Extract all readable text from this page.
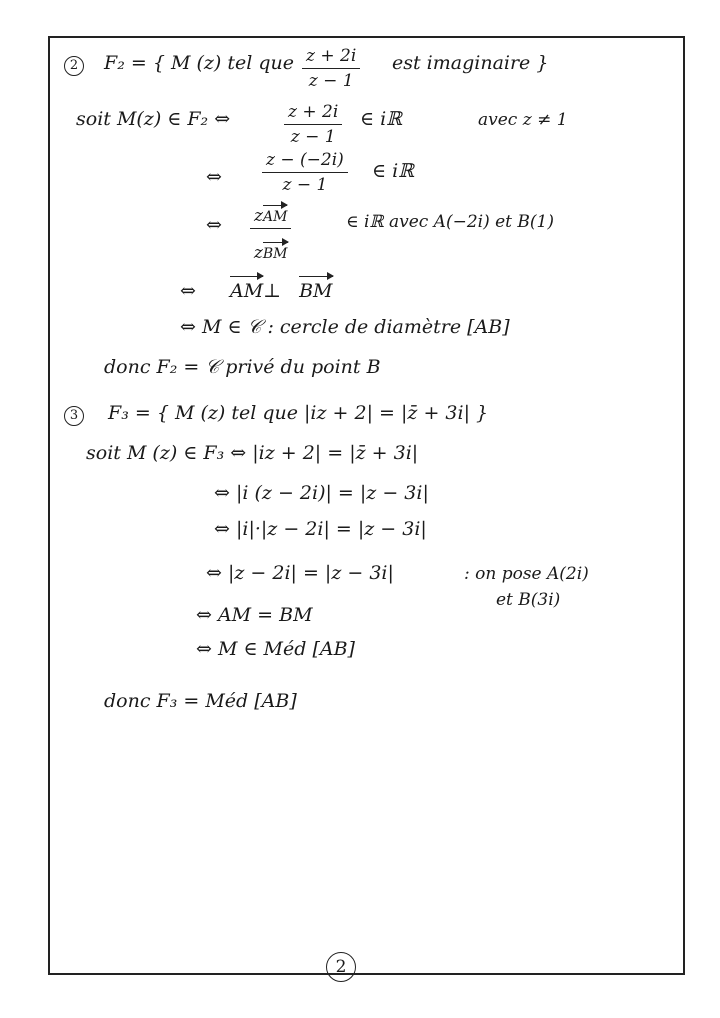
2 F₂ = { M (z) tel que $\frac{z + 2i}{z - 1}$ est imaginaire }
soit M(z) ∈ F₂ ⇔	$\frac{z + 2i}{z - 1}$ ∈ iℝ	avec z ≠ 1
⇔ $\frac{z - (-2i)}{z - 1}$ ∈ iℝ
⇔ zAM
zBM
∈ iℝ avec A(−2i) et B(1)
⇔ AM⊥ BM
⇔ M ∈ 𝒞 : cercle de diamètre [AB]
donc F₂ = 𝒞 privé du point B
3 F₃ = { M (z) tel que |iz + 2| = |z̄ + 3i| }
soit M (z) ∈ F₃ ⇔ |iz + 2| = |z̄ + 3i|
⇔ |i (z − 2i)| = |z − 3i|
⇔ |i|·|z − 2i| = |z − 3i|
⇔ |z − 2i| = |z − 3i|	: on pose A(2i)
et B(3i)
⇔ AM = BM
⇔ M ∈ Méd [AB]
donc F₃ = Méd [AB]
2
